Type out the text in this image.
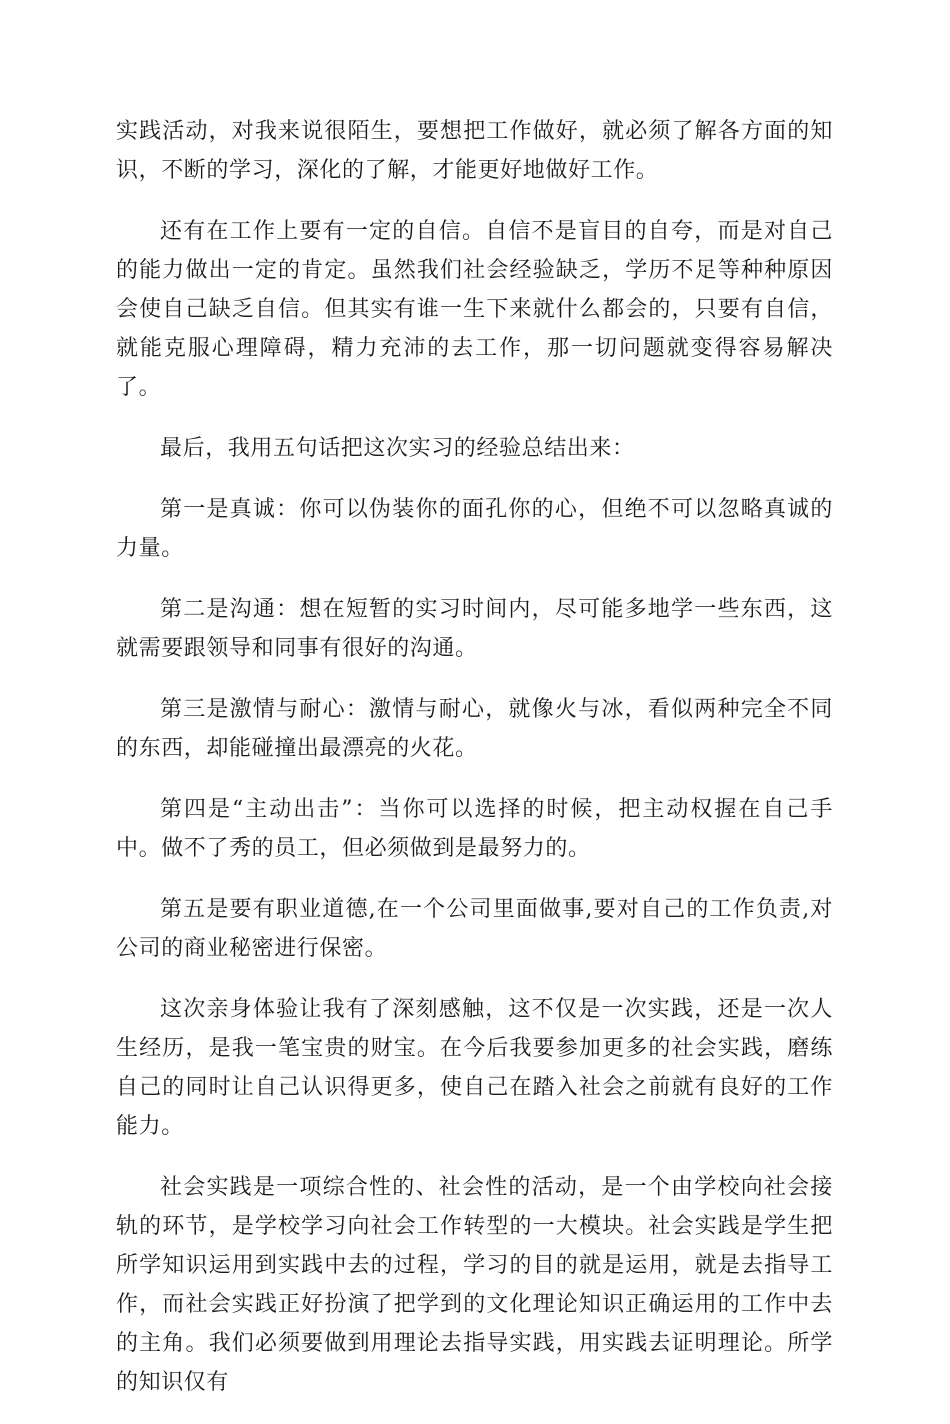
实践活动，对我来说很陌生，要想把工作做好，就必须了解各方面的知识，不断的学习，深化的了解，才能更好地做好工作。

还有在工作上要有一定的自信。自信不是盲目的自夸，而是对自己的能力做出一定的肯定。虽然我们社会经验缺乏，学历不足等种种原因会使自己缺乏自信。但其实有谁一生下来就什么都会的，只要有自信，就能克服心理障碍，精力充沛的去工作，那一切问题就变得容易解决了。

最后，我用五句话把这次实习的经验总结出来：

第一是真诚：你可以伪装你的面孔你的心，但绝不可以忽略真诚的力量。

第二是沟通：想在短暂的实习时间内，尽可能多地学一些东西，这就需要跟领导和同事有很好的沟通。

第三是激情与耐心：激情与耐心，就像火与冰，看似两种完全不同的东西，却能碰撞出最漂亮的火花。

第四是“主动出击”：当你可以选择的时候，把主动权握在自己手中。做不了秀的员工，但必须做到是最努力的。

第五是要有职业道德,在一个公司里面做事,要对自己的工作负责,对公司的商业秘密进行保密。

这次亲身体验让我有了深刻感触，这不仅是一次实践，还是一次人生经历，是我一笔宝贵的财宝。在今后我要参加更多的社会实践，磨练自己的同时让自己认识得更多，使自己在踏入社会之前就有良好的工作能力。

社会实践是一项综合性的、社会性的活动，是一个由学校向社会接轨的环节，是学校学习向社会工作转型的一大模块。社会实践是学生把所学知识运用到实践中去的过程，学习的目的就是运用，就是去指导工作，而社会实践正好扮演了把学到的文化理论知识正确运用的工作中去的主角。我们必须要做到用理论去指导实践，用实践去证明理论。所学的知识仅有
